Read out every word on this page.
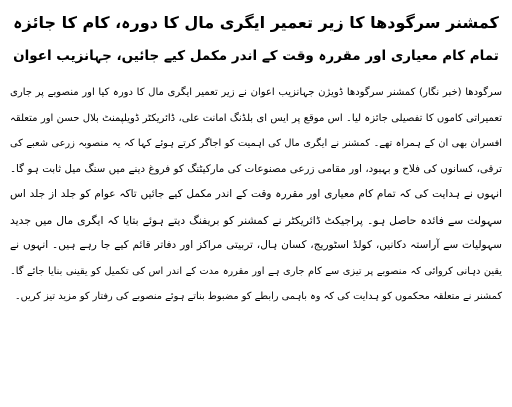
کمشنر سرگودھا کا زیر تعمیر ایگری مال کا دورہ، کام کا جائزہ
تمام کام معیاری اور مقررہ وقت کے اندر مکمل کیے جائیں، جہانزیب اعوان
سرگودھا (خبر نگار) کمشنر سرگودھا ڈویژن جہانزیب اعوان نے زیر تعمیر ایگری مال کا دورہ کیا اور منصوبے پر جاری
تعمیراتی کاموں کا تفصیلی جائزہ لیا۔ اس موقع پر ایس ای بلڈنگ امانت علی، ڈائریکٹر ڈویلپمنٹ بلال حسن اور متعلقہ
افسران بھی ان کے ہمراہ تھے۔ کمشنر نے ایگری مال کی اہمیت کو اجاگر کرتے ہوئے کہا کہ یہ منصوبہ زرعی شعبے کی
ترقی، کسانوں کی فلاح و بہبود، اور مقامی زرعی مصنوعات کی مارکیٹنگ کو فروغ دینے میں سنگ میل ثابت ہو گا۔
انہوں نے ہدایت کی کہ تمام کام معیاری اور مقررہ وقت کے اندر مکمل کیے جائیں تاکہ عوام کو جلد از جلد اس
سہولت سے فائدہ حاصل ہو۔ پراجیکٹ ڈائریکٹر نے کمشنر کو بریفنگ دیتے ہوئے بتایا کہ ایگری مال میں جدید
سہولیات سے آراستہ دکانیں، کولڈ اسٹوریج، کسان ہال، تربیتی مراکز اور دفاتر قائم کیے جا رہے ہیں۔ انہوں نے
یقین دہانی کروائی کہ منصوبے پر تیزی سے کام جاری ہے اور مقررہ مدت کے اندر اس کی تکمیل کو یقینی بنایا جائے گا۔
کمشنر نے متعلقہ محکموں کو ہدایت کی کہ وہ باہمی رابطے کو مضبوط بناتے ہوئے منصوبے کی رفتار کو مزید تیز کریں۔
